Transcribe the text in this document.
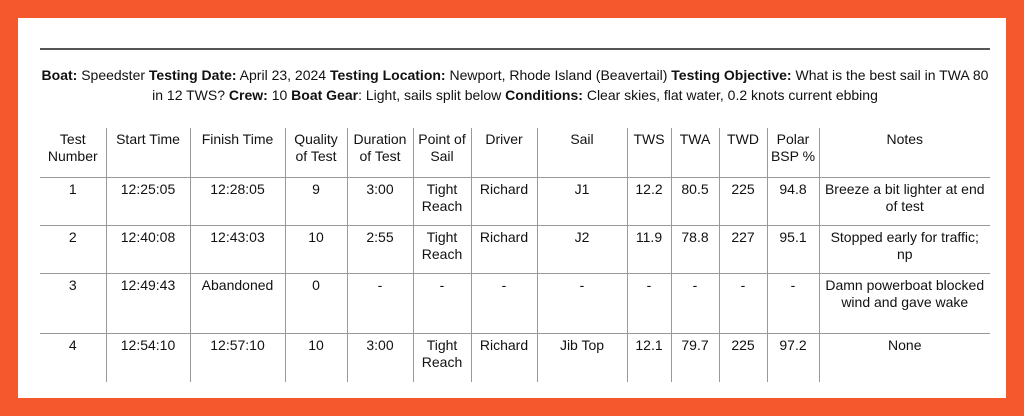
Boat: Speedster Testing Date: April 23, 2024 Testing Location: Newport, Rhode Island (Beavertail) Testing Objective: What is the best sail in TWA 80 in 12 TWS? Crew: 10 Boat Gear: Light, sails split below Conditions: Clear skies, flat water, 0.2 knots current ebbing
Test Number	Start Time	Finish Time	Quality of Test	Duration of Test	Point of Sail	Driver	Sail	TWS	TWA	TWD	Polar BSP %	Notes
1	12:25:05	12:28:05	9	3:00	Tight Reach	Richard	J1	12.2	80.5	225	94.8	Breeze a bit lighter at end of test
2	12:40:08	12:43:03	10	2:55	Tight Reach	Richard	J2	11.9	78.8	227	95.1	Stopped early for traffic; np
3	12:49:43	Abandoned	0	-	-	-	-	-	-	-	-	Damn powerboat blocked wind and gave wake
4	12:54:10	12:57:10	10	3:00	Tight Reach	Richard	Jib Top	12.1	79.7	225	97.2	None
